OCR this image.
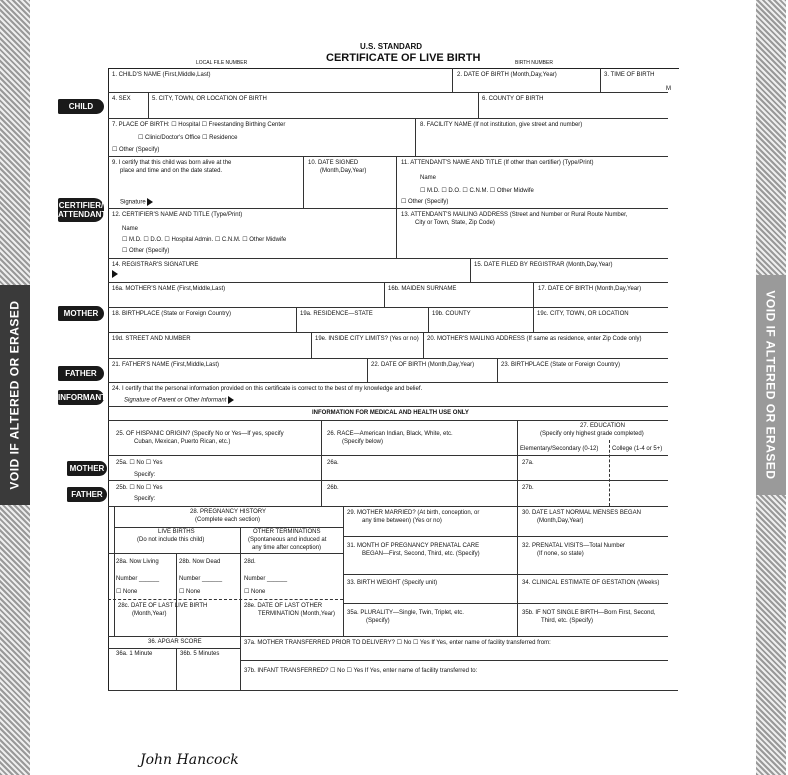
VOID IF ALTERED OR ERASED	VOID IF ALTERED OR ERASED
U.S. STANDARD
CERTIFICATE OF LIVE BIRTH
LOCAL FILE NUMBER	BIRTH NUMBER
CHILD
CERTIFIER/ ATTENDANT
MOTHER
FATHER
INFORMANT
MOTHER
FATHER
1. CHILD'S NAME (First,Middle,Last)	2. DATE OF BIRTH (Month,Day,Year)	3. TIME OF BIRTH
M
4. SEX	5. CITY, TOWN, OR LOCATION OF BIRTH	6. COUNTY OF BIRTH
7. PLACE OF BIRTH: ☐ Hospital ☐ Freestanding Birthing Center
☐ Clinic/Doctor's Office ☐ Residence
☐ Other (Specify)
8. FACILITY NAME (If not institution, give street and number)
9. I certify that this child was born alive at the
place and time and on the date stated.
Signature
10. DATE SIGNED
(Month,Day,Year)
11. ATTENDANT'S NAME AND TITLE (If other than certifier) (Type/Print)
Name
☐ M.D. ☐ D.O. ☐ C.N.M. ☐ Other Midwife
☐ Other (Specify)
12. CERTIFIER'S NAME AND TITLE (Type/Print)
Name
☐ M.D. ☐ D.O. ☐ Hospital Admin. ☐ C.N.M. ☐ Other Midwife
☐ Other (Specify)
13. ATTENDANT'S MAILING ADDRESS (Street and Number or Rural Route Number,
City or Town, State, Zip Code)
14. REGISTRAR'S SIGNATURE	15. DATE FILED BY REGISTRAR (Month,Day,Year)
16a. MOTHER'S NAME (First,Middle,Last)	16b. MAIDEN SURNAME	17. DATE OF BIRTH (Month,Day,Year)
18. BIRTHPLACE (State or Foreign Country)	19a. RESIDENCE—STATE	19b. COUNTY	19c. CITY, TOWN, OR LOCATION
19d. STREET AND NUMBER	19e. INSIDE CITY LIMITS? (Yes or no) 20. MOTHER'S MAILING ADDRESS (If same as residence, enter Zip Code only)
21. FATHER'S NAME (First,Middle,Last)	22. DATE OF BIRTH (Month,Day,Year)	23. BIRTHPLACE (State or Foreign Country)
24. I certify that the personal information provided on this certificate is correct to the best of my knowledge and belief.
Signature of Parent or Other Informant
INFORMATION FOR MEDICAL AND HEALTH USE ONLY
25. OF HISPANIC ORIGIN? (Specify No or Yes—If yes, specify
Cuban, Mexican, Puerto Rican, etc.)
26. RACE—American Indian, Black, White, etc.
(Specify below)
27. EDUCATION
(Specify only highest grade completed)
Elementary/Secondary (0-12) College (1-4 or 5+)
25a. ☐ No ☐ Yes
Specify:
26a.	27a.
25b. ☐ No ☐ Yes
Specify:
26b.	27b.
28. PREGNANCY HISTORY
(Complete each section)
LIVE BIRTHS
(Do not include this child)
OTHER TERMINATIONS
(Spontaneous and induced at
any time after conception)
28a. Now Living	28b. Now Dead	28d.
Number ______	Number ______	Number ______
☐ None	☐ None	☐ None
28c. DATE OF LAST LIVE BIRTH
(Month,Year)
28e. DATE OF LAST OTHER
TERMINATION (Month,Year)
29. MOTHER MARRIED? (At birth, conception, or
any time between) (Yes or no)
30. DATE LAST NORMAL MENSES BEGAN
(Month,Day,Year)
31. MONTH OF PREGNANCY PRENATAL CARE
BEGAN—First, Second, Third, etc. (Specify)
32. PRENATAL VISITS—Total Number
(If none, so state)
33. BIRTH WEIGHT (Specify unit)	34. CLINICAL ESTIMATE OF GESTATION (Weeks)
35a. PLURALITY—Single, Twin, Triplet, etc.
(Specify)
35b. IF NOT SINGLE BIRTH—Born First, Second,
Third, etc. (Specify)
36. APGAR SCORE
36a. 1 Minute	36b. 5 Minutes
37a. MOTHER TRANSFERRED PRIOR TO DELIVERY? ☐ No ☐ Yes If Yes, enter name of facility transferred from:
37b. INFANT TRANSFERRED? ☐ No ☐ Yes If Yes, enter name of facility transferred to:
John Hancock
